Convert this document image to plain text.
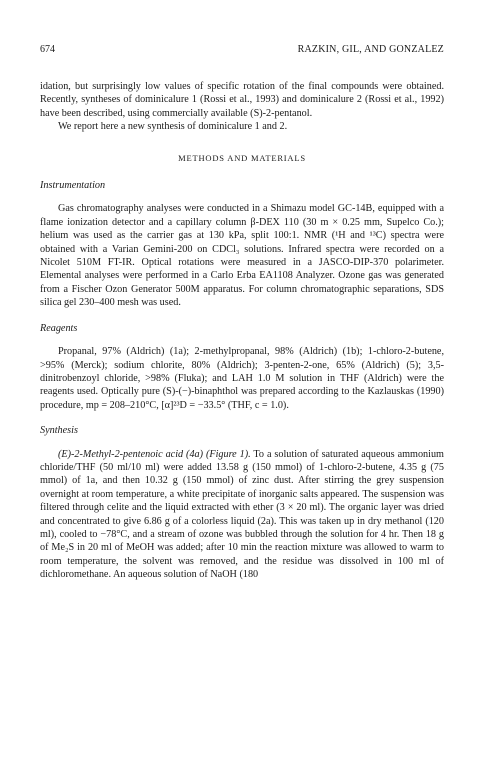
674	RAZKIN, GIL, AND GONZALEZ

idation, but surprisingly low values of specific rotation of the final compounds were obtained. Recently, syntheses of dominicalure 1 (Rossi et al., 1993) and dominicalure 2 (Rossi et al., 1992) have been described, using commercially available (S)-2-pentanol.

We report here a new synthesis of dominicalure 1 and 2.

METHODS AND MATERIALS
Instrumentation

Gas chromatography analyses were conducted in a Shimazu model GC-14B, equipped with a flame ionization detector and a capillary column β-DEX 110 (30 m × 0.25 mm, Supelco Co.); helium was used as the carrier gas at 130 kPa, split 100:1. NMR (¹H and ¹³C) spectra were obtained with a Varian Gemini-200 on CDCl₃ solutions. Infrared spectra were recorded on a Nicolet 510M FT-IR. Optical rotations were measured in a JASCO-DIP-370 polarimeter. Elemental analyses were performed in a Carlo Erba EA1108 Analyzer. Ozone gas was generated from a Fischer Ozon Generator 500M apparatus. For column chromatographic separations, SDS silica gel 230–400 mesh was used.

Reagents

Propanal, 97% (Aldrich) (1a); 2-methylpropanal, 98% (Aldrich) (1b); 1-chloro-2-butene, >95% (Merck); sodium chlorite, 80% (Aldrich); 3-penten-2-one, 65% (Aldrich) (5); 3,5-dinitrobenzoyl chloride, >98% (Fluka); and LAH 1.0 M solution in THF (Aldrich) were the reagents used. Optically pure (S)-(−)-binaphthol was prepared according to the Kazlauskas (1990) procedure, mp = 208–210°C, [α]²³D = −33.5° (THF, c = 1.0).

Synthesis

(E)-2-Methyl-2-pentenoic acid (4a) (Figure 1). To a solution of saturated aqueous ammonium chloride/THF (50 ml/10 ml) were added 13.58 g (150 mmol) of 1-chloro-2-butene, 4.35 g (75 mmol) of 1a, and then 10.32 g (150 mmol) of zinc dust. After stirring the grey suspension overnight at room temperature, a white precipitate of inorganic salts appeared. The suspension was filtered through celite and the liquid extracted with ether (3 × 20 ml). The organic layer was dried and concentrated to give 6.86 g of a colorless liquid (2a). This was taken up in dry methanol (120 ml), cooled to −78°C, and a stream of ozone was bubbled through the solution for 4 hr. Then 18 g of Me₂S in 20 ml of MeOH was added; after 10 min the reaction mixture was allowed to warm to room temperature, the solvent was removed, and the residue was dissolved in 100 ml of dichloromethane. An aqueous solution of NaOH (180
